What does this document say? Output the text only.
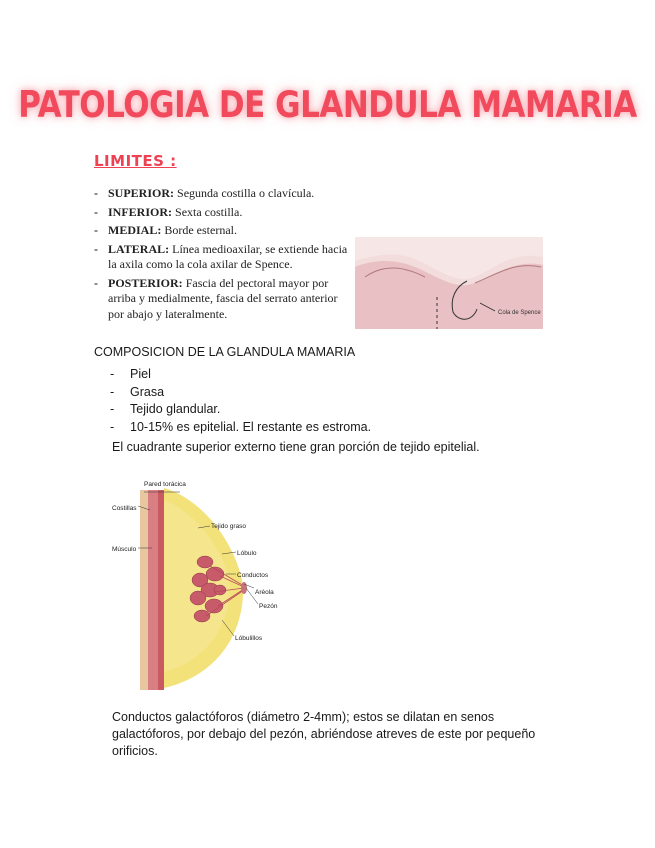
PATOLOGIA DE GLANDULA MAMARIA
LIMITES :
- SUPERIOR: Segunda costilla o clavícula.
- INFERIOR: Sexta costilla.
- MEDIAL: Borde esternal.
- LATERAL: Línea medioaxilar, se extiende hacia la axila como la cola axilar de Spence.
- POSTERIOR: Fascia del pectoral mayor por arriba y medialmente, fascia del serrato anterior por abajo y lateralmente.	Cola de Spence
COMPOSICION DE LA GLANDULA MAMARIA
- Piel
- Grasa
- Tejido glandular.
- 10-15% es epitelial. El restante es estroma.
El cuadrante superior externo tiene gran porción de tejido epitelial.
Pared torácica
Costillas
Músculo
Tejido graso
Lóbulo
Conductos
Aréola
Pezón
Lóbulillos
Conductos galactóforos (diámetro 2-4mm); estos se dilatan en senos galactóforos, por debajo del pezón, abriéndose atreves de este por pequeño orificios.
